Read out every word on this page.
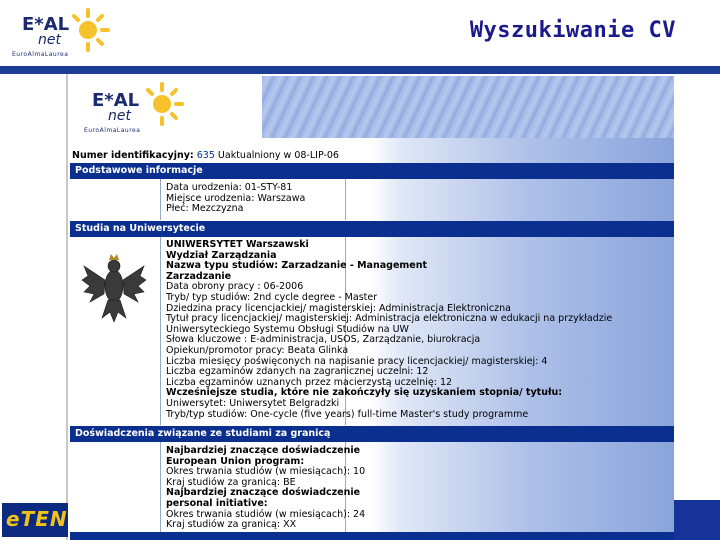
E*AL
net
EuroAlmaLaurea
Wyszukiwanie CV
E*AL
net
EuroAlmaLaurea
Numer identifikacyjny: 635 Uaktualniony w 08-LIP-06
Podstawowe informacje
Data urodzenia: 01-STY-81
Miejsce urodzenia: Warszawa
Płeć: Mezczyzna
Studia na Uniwersytecie
UNIWERSYTET Warszawski
Wydział Zarządzania
Nazwa typu studiów: Zarzadzanie - Management
Zarzadzanie
Data obrony pracy : 06-2006
Tryb/ typ studiów: 2nd cycle degree - Master
Dziedzina pracy licencjackiej/ magisterskiej: Administracja Elektroniczna
Tytuł pracy licencjackiej/ magisterskiej: Administracja elektroniczna w edukacji na przykładzie
Uniwersyteckiego Systemu Obsługi Studiów na UW
Słowa kluczowe : E-administracja, USOS, Zarządzanie, biurokracja
Opiekun/promotor pracy: Beata Glinka
Liczba miesięcy poświęconych na napisanie pracy licencjackiej/ magisterskiej: 4
Liczba egzaminów zdanych na zagranicznej uczelni: 12
Liczba egzaminów uznanych przez macierzystą uczelnię: 12
Wcześniejsze studia, które nie zakończyły się uzyskaniem stopnia/ tytułu:
Uniwersytet: Uniwersytet Belgradzki
Tryb/typ studiów: One-cycle (five years) full-time Master's study programme
Doświadczenia związane ze studiami za granicą
Najbardziej znaczące doświadczenie
European Union program:
Okres trwania studiów (w miesiącach): 10
Kraj studiów za granicą: BE
Najbardziej znaczące doświadczenie
personal initiative:
Okres trwania studiów (w miesiącach): 24
Kraj studiów za granicą: XX
eTEN
